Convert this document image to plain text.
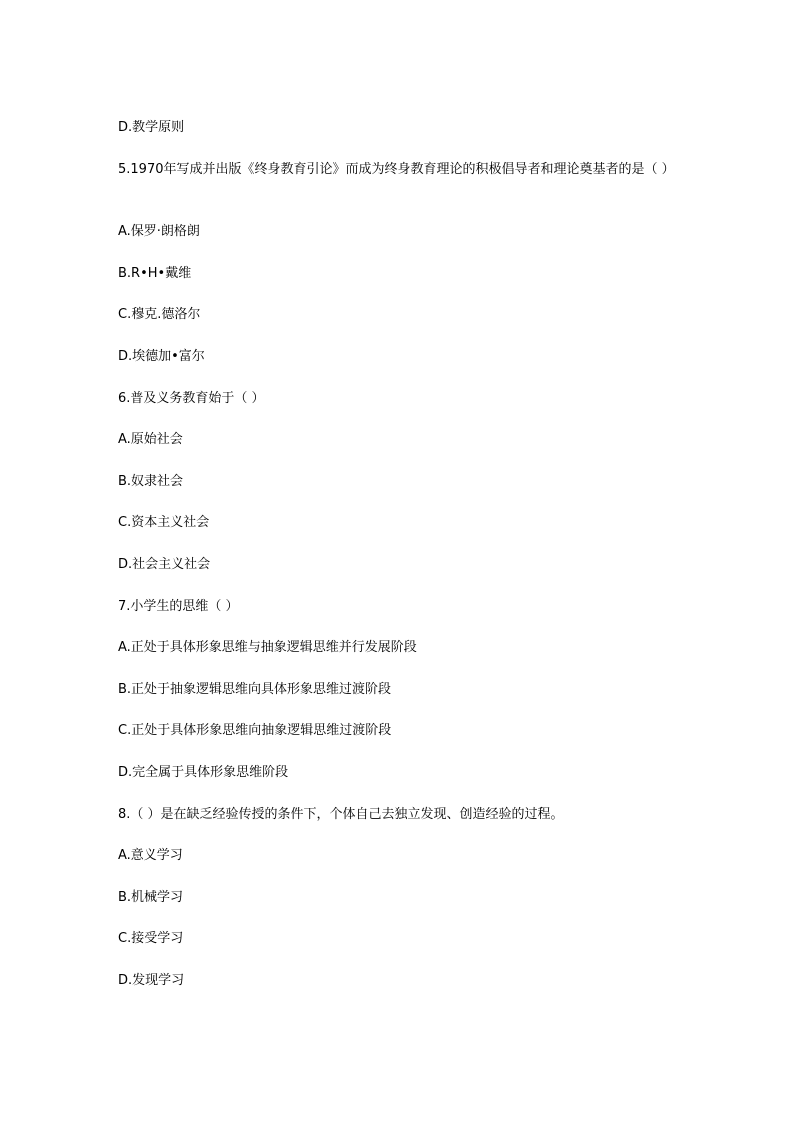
D.教学原则
5.1970年写成并出版《终身教育引论》而成为终身教育理论的积极倡导者和理论奠基者的是（ ）
A.保罗·朗格朗
B.R•H•戴维
C.穆克.德洛尔
D.埃德加•富尔
6.普及义务教育始于（ ）
A.原始社会
B.奴隶社会
C.资本主义社会
D.社会主义社会
7.小学生的思维（ ）
A.正处于具体形象思维与抽象逻辑思维并行发展阶段
B.正处于抽象逻辑思维向具体形象思维过渡阶段
C.正处于具体形象思维向抽象逻辑思维过渡阶段
D.完全属于具体形象思维阶段
8.（ ）是在缺乏经验传授的条件下，个体自己去独立发现、创造经验的过程。
A.意义学习
B.机械学习
C.接受学习
D.发现学习
